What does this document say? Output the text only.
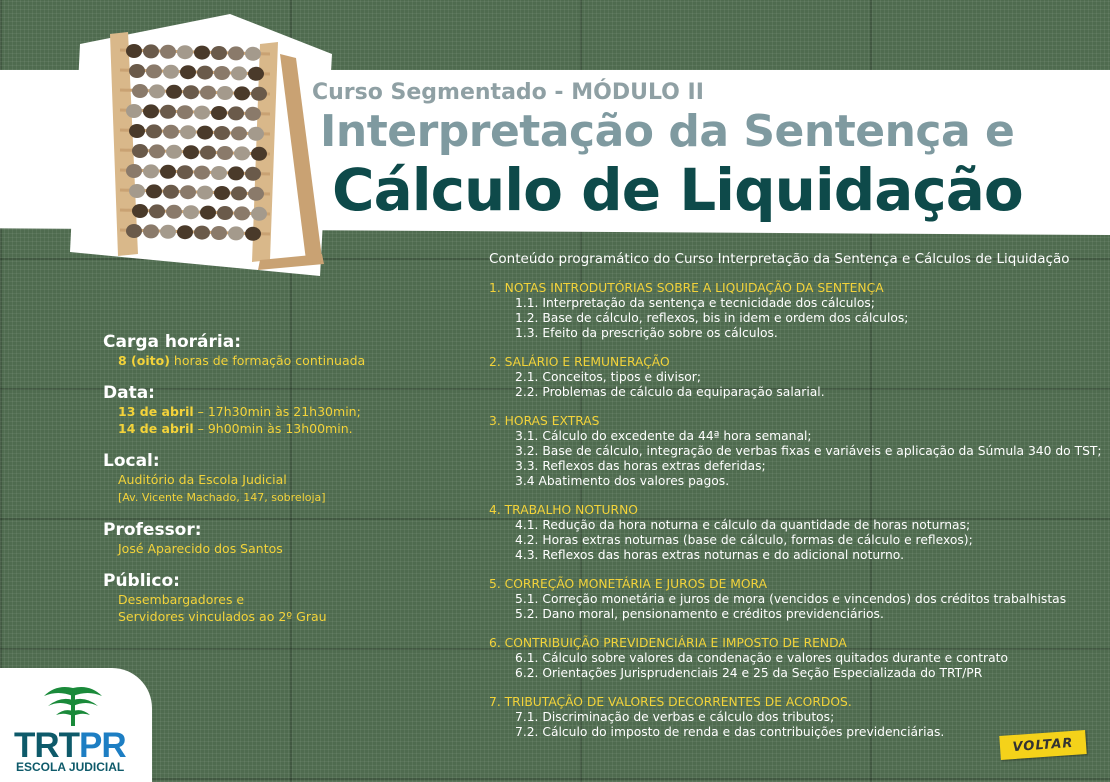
Curso Segmentado - MÓDULO II
Interpretação da Sentença e
Cálculo de Liquidação
Carga horária:
8 (oito) horas de formação continuada
Data:
13 de abril – 17h30min às 21h30min;
14 de abril – 9h00min às 13h00min.
Local:
Auditório da Escola Judicial
[Av. Vicente Machado, 147, sobreloja]
Professor:
José Aparecido dos Santos
Público:
Desembargadores e
Servidores vinculados ao 2º Grau
Conteúdo programático do Curso Interpretação da Sentença e Cálculos de Liquidação
1. NOTAS INTRODUTÓRIAS SOBRE A LIQUIDAÇÃO DA SENTENÇA
1.1. Interpretação da sentença e tecnicidade dos cálculos;
1.2. Base de cálculo, reflexos, bis in idem e ordem dos cálculos;
1.3. Efeito da prescrição sobre os cálculos.
2. SALÁRIO E REMUNERAÇÃO
2.1. Conceitos, tipos e divisor;
2.2. Problemas de cálculo da equiparação salarial.
3. HORAS EXTRAS
3.1. Cálculo do excedente da 44ª hora semanal;
3.2. Base de cálculo, integração de verbas fixas e variáveis e aplicação da Súmula 340 do TST;
3.3. Reflexos das horas extras deferidas;
3.4 Abatimento dos valores pagos.
4. TRABALHO NOTURNO
4.1. Redução da hora noturna e cálculo da quantidade de horas noturnas;
4.2. Horas extras noturnas (base de cálculo, formas de cálculo e reflexos);
4.3. Reflexos das horas extras noturnas e do adicional noturno.
5. CORREÇÃO MONETÁRIA E JUROS DE MORA
5.1. Correção monetária e juros de mora (vencidos e vincendos) dos créditos trabalhistas
5.2. Dano moral, pensionamento e créditos previdenciários.
6. CONTRIBUIÇÃO PREVIDENCIÁRIA E IMPOSTO DE RENDA
6.1. Cálculo sobre valores da condenação e valores quitados durante e contrato
6.2. Orientações Jurisprudenciais 24 e 25 da Seção Especializada do TRT/PR
7. TRIBUTAÇÃO DE VALORES DECORRENTES DE ACORDOS.
7.1. Discriminação de verbas e cálculo dos tributos;
7.2. Cálculo do imposto de renda e das contribuições previdenciárias.
TRTPR
ESCOLA JUDICIAL
VOLTAR
